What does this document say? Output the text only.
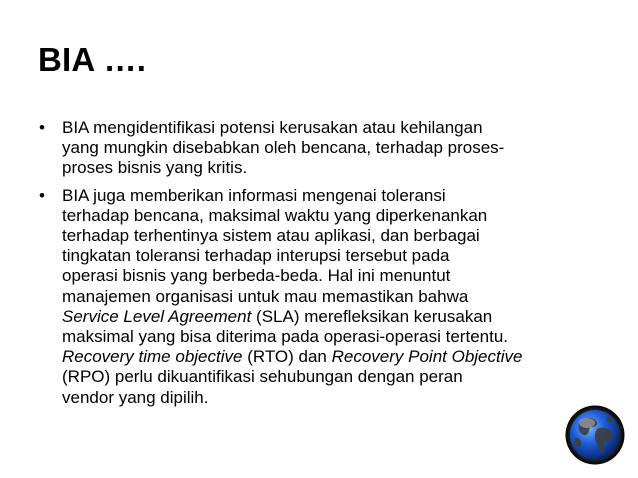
BIA ….
• BIA mengidentifikasi potensi kerusakan atau kehilangan
yang mungkin disebabkan oleh bencana, terhadap proses-
proses bisnis yang kritis.
• BIA juga memberikan informasi mengenai toleransi
terhadap bencana, maksimal waktu yang diperkenankan
terhadap terhentinya sistem atau aplikasi, dan berbagai
tingkatan toleransi terhadap interupsi tersebut pada
operasi bisnis yang berbeda-beda. Hal ini menuntut
manajemen organisasi untuk mau memastikan bahwa
Service Level Agreement (SLA) merefleksikan kerusakan
maksimal yang bisa diterima pada operasi-operasi tertentu.
Recovery time objective (RTO) dan Recovery Point Objective
(RPO) perlu dikuantifikasi sehubungan dengan peran
vendor yang dipilih.
